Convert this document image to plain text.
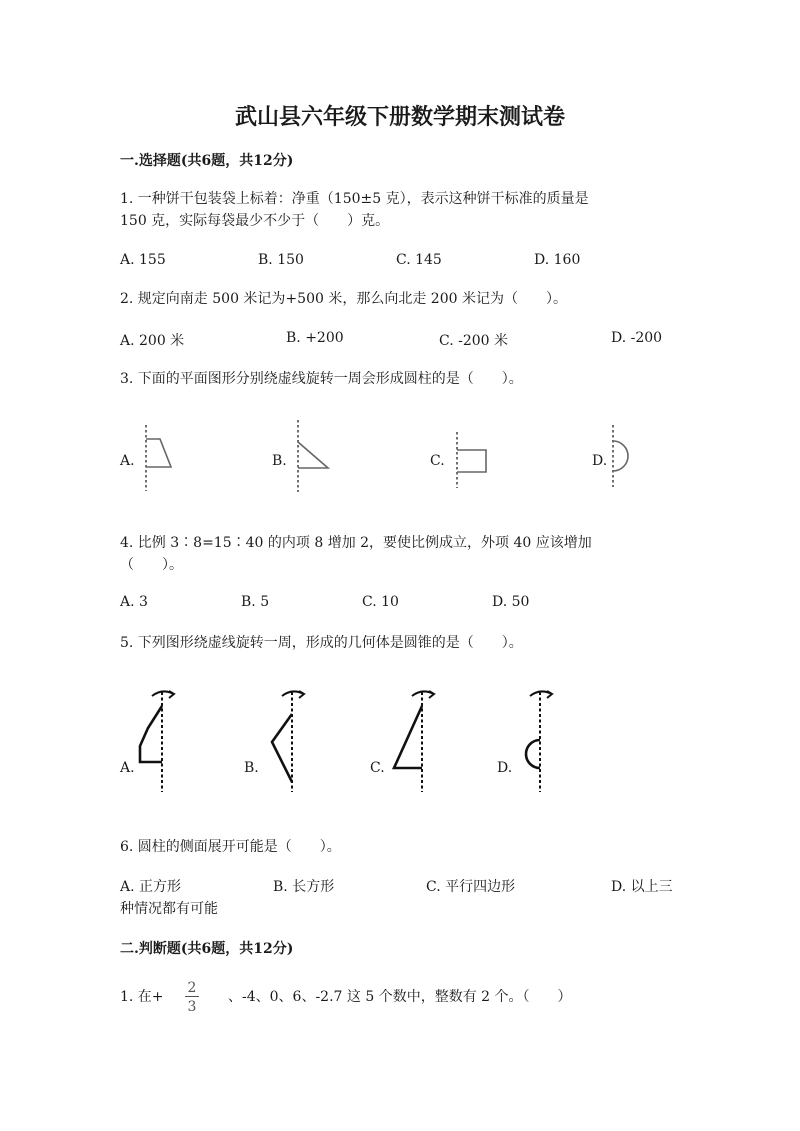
武山县六年级下册数学期末测试卷
一.选择题(共6题，共12分)
1. 一种饼干包装袋上标着：净重（150±5 克），表示这种饼干标准的质量是
150 克，实际每袋最少不少于（　　）克。
A. 155	B. 150	C. 145	D. 160
2. 规定向南走 500 米记为+500 米，那么向北走 200 米记为（　　）。
A. 200 米	B. +200	C. -200 米	D. -200
3. 下面的平面图形分别绕虚线旋转一周会形成圆柱的是（　　）。
A.	B.	C.	D.
4. 比例 3∶8=15∶40 的内项 8 增加 2，要使比例成立，外项 40 应该增加
（　　）。
A. 3	B. 5	C. 10	D. 50
5. 下列图形绕虚线旋转一周，形成的几何体是圆锥的是（　　）。
A.	B.	C.	D.
6. 圆柱的侧面展开可能是（　　）。
A. 正方形	B. 长方形	C. 平行四边形	D. 以上三
种情况都有可能
二.判断题(共6题，共12分)
1. 在+
2
3
、-4、0、6、-2.7 这 5 个数中，整数有 2 个。（　　）
